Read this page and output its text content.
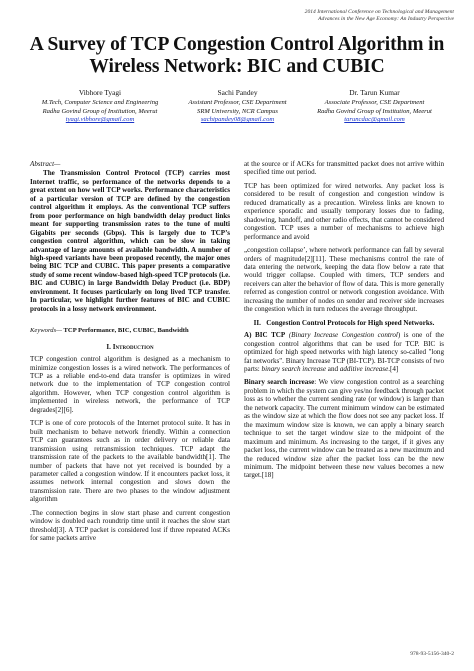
2014 International Conference on Technological and Management
Advances in the New Age Economy: An Industry Perspective
A Survey of TCP Congestion Control Algorithm in
Wireless Network: BIC and CUBIC
Vibhore Tyagi
M.Tech, Computer Science and Engineering
Radha Govind Group of Institution, Meerut
tyagi.vibhore@gmail.com
Sachi Pandey
Assistant Professor, CSE Department
SRM University, NCR Campus
sachipandey08@gmail.com
Dr. Tarun Kumar
Associate Professor, CSE Department
Radha Govind Group of Institution, Meerut
taruncdac@gmail.com
Abstract—

The Transmission Control Protocol (TCP) carries most Internet traffic, so performance of the networks depends to a great extent on how well TCP works. Performance characteristics of a particular version of TCP are defined by the congestion control algorithm it employs. As the conventional TCP suffers from poor performance on high bandwidth delay product links meant for supporting transmission rates to the tune of multi Gigabits per seconds (Gbps). This is largely due to TCP’s congestion control algorithm, which can be slow in taking advantage of large amounts of available bandwidth. A number of high-speed variants have been proposed recently, the major ones being BIC TCP and CUBIC. This paper presents a comparative study of some recent window-based high-speed TCP protocols (i.e. BIC and CUBIC) in large Bandwidth Delay Product (i.e. BDP) environment. It focuses particularly on long lived TCP transfer. In particular, we highlight further features of BIC and CUBIC protocols in a lossy network environment.

Keywords— TCP Performance, BIC, CUBIC, Bandwidth
I. Introduction

TCP congestion control algorithm is designed as a mechanism to minimize congestion losses is a wired network. The performances of TCP as a reliable end-to-end data transfer is optimizes in wired network due to the implementation of TCP congestion control algorithm. However, when TCP congestion control algorithm is implemented in wireless network, the performance of TCP degrades[2][6].

TCP is one of core protocols of the Internet protocol suite. It has in built mechanism to behave network friendly. Within a connection TCP can guarantees such as in order delivery or reliable data transmission using retransmission techniques. TCP adapt the transmission rate of the packets to the available bandwidth[1]. The number of packets that have not yet received is bounded by a parameter called a congestion window. If it encounters packet loss, it assumes network internal congestion and slows down the transmission rate. There are two phases to the window adjustment algorithm

.The connection begins in slow start phase and current congestion window is doubled each roundtrip time until it reaches the slow start threshold[3]. A TCP packet is considered lost if three repeated ACKs for same packets arrive

at the source or if ACKs for transmitted packet does not arrive within specified time out period.

TCP has been optimized for wired networks. Any packet loss is considered to be result of congestion and congestion window is reduced dramatically as a precaution. Wireless links are known to experience sporadic and usually temporary losses due to fading, shadowing, handoff, and other radio effects, that cannot be considered congestion. TCP uses a number of mechanisms to achieve high performance and avoid

„congestion collapse’, where network performance can fall by several orders of magnitude[2][11]. These mechanisms control the rate of data entering the network, keeping the data flow below a rate that would trigger collapse. Coupled with timers, TCP senders and receivers can alter the behavior of flow of data. This is more generally referred as congestion control or network congestion avoidance. With increasing the number of nodes on sender and receiver side increases the congestion which in turn reduces the average throughput.

II. Congestion Control Protocols for High speed Networks.

A) BIC TCP (Binary Increase Congestion control) is one of the congestion control algorithms that can be used for TCP. BIC is optimized for high speed networks with high latency so-called "long fat networks". Binary Increase TCP (BI-TCP). BI-TCP consists of two parts: binary search increase and additive increase.[4]

Binary search increase: We view congestion control as a searching problem in which the system can give yes/no feedback through packet loss as to whether the current sending rate (or window) is larger than the network capacity. The current minimum window can be estimated as the window size at which the flow does not see any packet loss. If the maximum window size is known, we can apply a binary search technique to set the target window size to the midpoint of the maximum and minimum. As increasing to the target, if it gives any packet loss, the current window can be treated as a new maximum and the reduced window size after the packet loss can be the new minimum. The midpoint between these new values becomes a new target.[18]

978-93-5156-340-2
